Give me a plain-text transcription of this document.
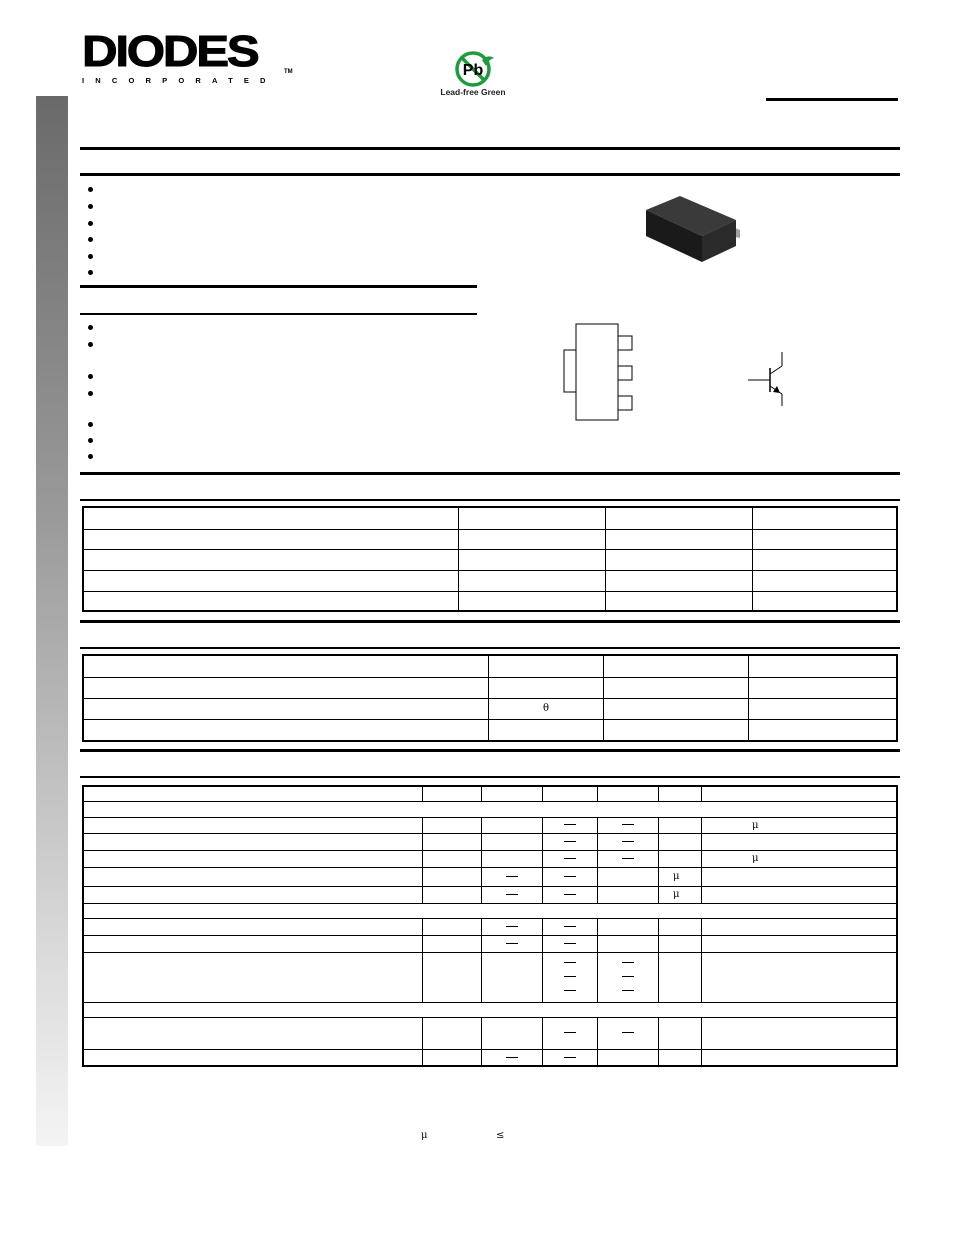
DIODES
INCORPORATED
TM	Pb
Lead-free Green

	θ		

						μ

						μ
					μ	
					μ	

μ	≤
